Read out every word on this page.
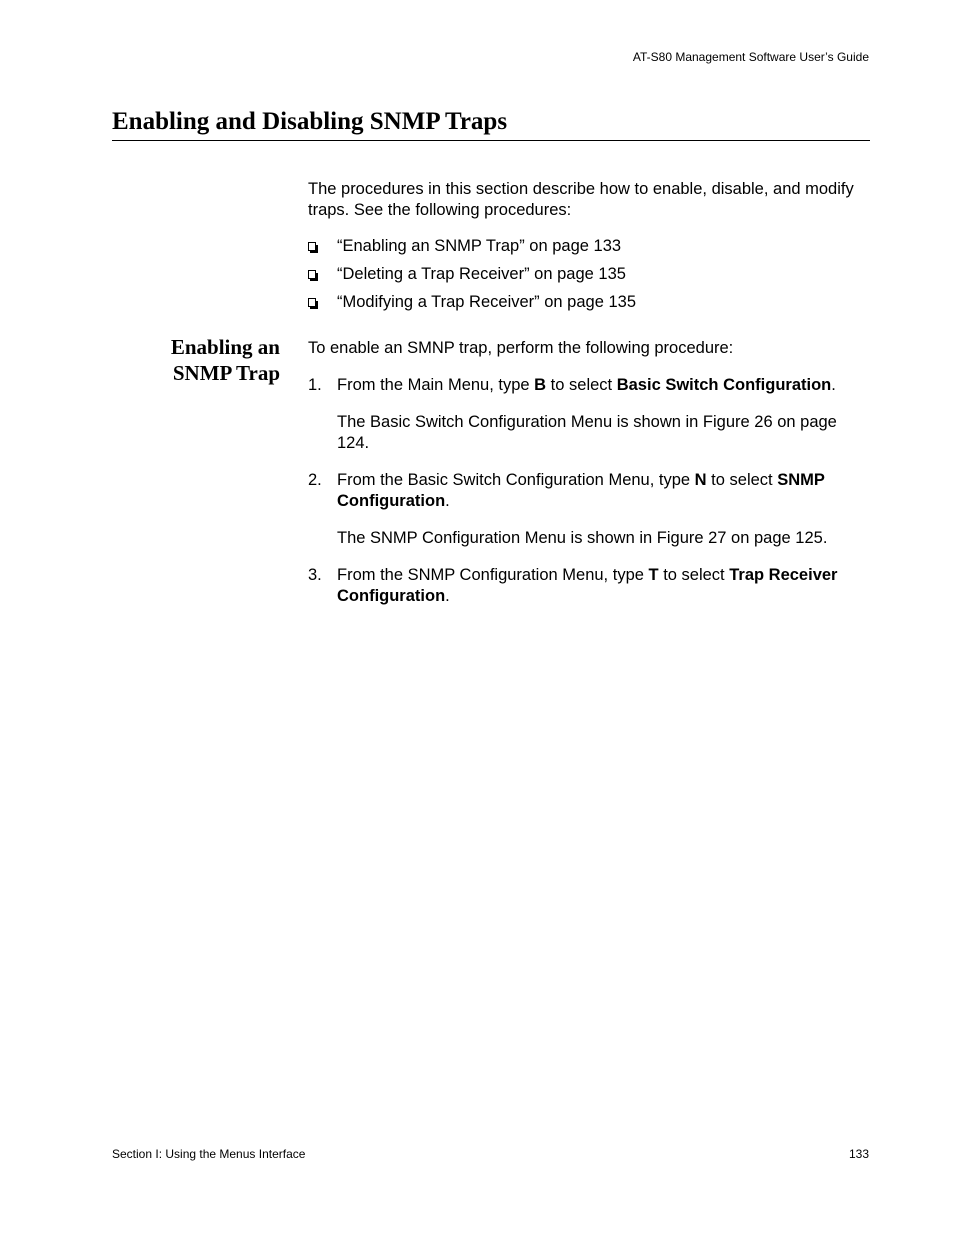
AT-S80 Management Software User’s Guide
Enabling and Disabling SNMP Traps
The procedures in this section describe how to enable, disable, and modify traps. See the following procedures:
“Enabling an SNMP Trap” on page 133
“Deleting a Trap Receiver” on page 135
“Modifying a Trap Receiver” on page 135
Enabling an
SNMP Trap
To enable an SMNP trap, perform the following procedure:
1. From the Main Menu, type B to select Basic Switch Configuration.
The Basic Switch Configuration Menu is shown in Figure 26 on page 124.
2. From the Basic Switch Configuration Menu, type N to select SNMP Configuration.
The SNMP Configuration Menu is shown in Figure 27 on page 125.
3. From the SNMP Configuration Menu, type T to select Trap Receiver Configuration.
Section I: Using the Menus Interface	133
